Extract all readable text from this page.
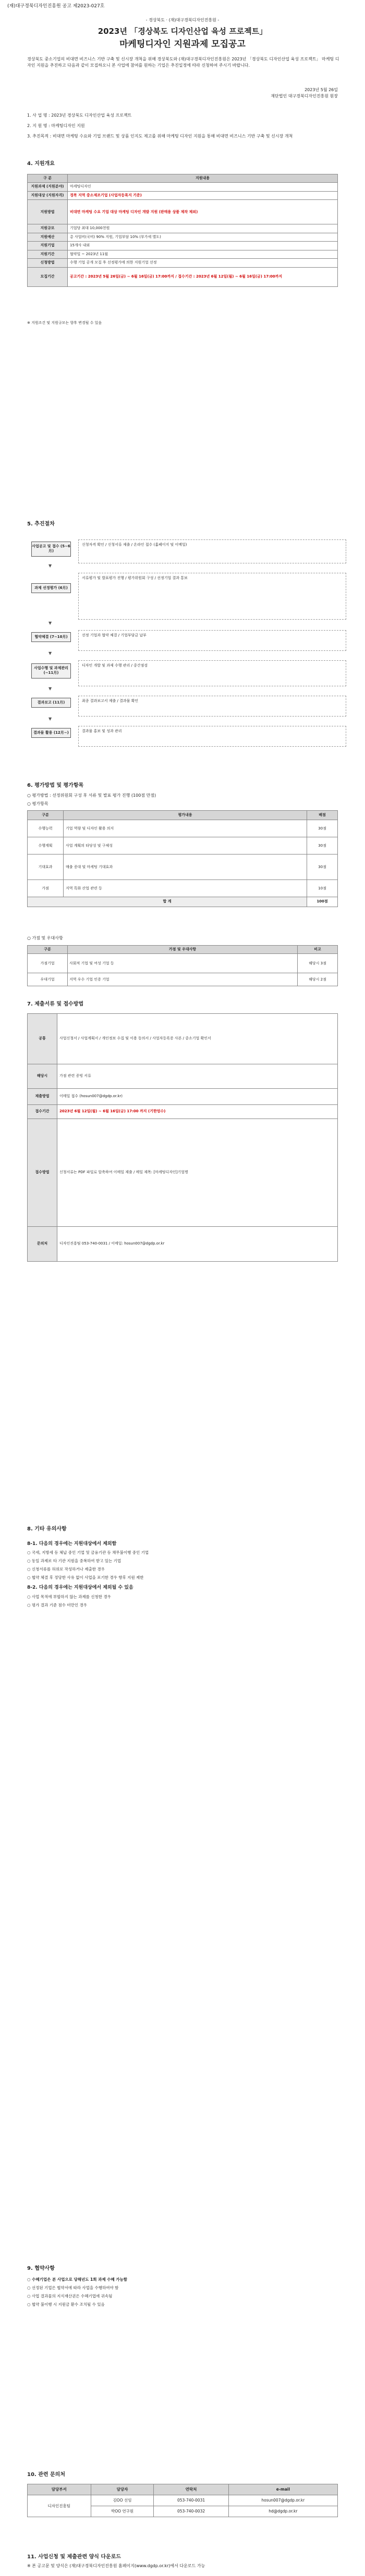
(재)대구경북디자인진흥원 공고 제2023-027호
- 경상북도 · (재)대구경북디자인진흥원 -
2023년 「경상북도 디자인산업 육성 프로젝트」
마케팅디자인 지원과제 모집공고
경상북도 중소기업의 비대면 비즈니스 기반 구축 및 신시장 개척을 위해 경상북도와 (재)대구경북디자인진흥원은 2023년 「경상북도 디자인산업 육성 프로젝트」 마케팅 디자인 지원을 추진하고 다음과 같이 모집하오니 본 사업에 참여를 원하는 기업은 추진일정에 따라 신청하여 주시기 바랍니다.
2023년 5월 26일
재단법인 대구경북디자인진흥원 원장
1. 사 업 명 : 2023년 경상북도 디자인산업 육성 프로젝트
2. 지 원 명 : 마케팅디자인 지원
3. 추진목적 : 비대면 마케팅 수요와 기업 브랜드 및 상품 인지도 제고를 위해 마케팅 디자인 지원을 통해 비대면 비즈니스 기반 구축 및 신시장 개척
4. 지원개요
구 분	지원내용
지원과제 (지원분야)	마케팅디자인
지원대상 (지원자격)	경북 지역 중소제조기업 (사업자등록지 기준)
지원방법	비대면 마케팅 수요 기업 대상 마케팅 디자인 개발 지원 (판매용 상품 제작 제외)
지원규모	기업당 최대 10,000천원
지원예산	총 사업비(국비) 90% 지원, 기업부담 10% (부가세 별도)
지원기업	15개사 내외
지원기간	협약일 ~ 2023년 11월
신청방법	수행 기업 공개 모집 후 선정평가에 의한 지원기업 선정
모집기간	공고기간 : 2023년 5월 26일(금) ~ 6월 16일(금) 17:00까지 / 접수기간 : 2023년 6월 12일(월) ~ 6월 16일(금) 17:00까지
※ 지원조건 및 지원규모는 향후 변경될 수 있음
5. 추진절차
사업공고 및 접수 (5~6月)
신청자격 확인 / 신청서류 제출 / 온라인 접수 (홈페이지 및 이메일)
▼
과제 선정평가 (6月)
서류평가 및 발표평가 진행 / 평가위원회 구성 / 선정기업 결과 통보
▼
협약체결 (7~10月)	선정 기업과 협약 체결 / 기업부담금 납부
▼
사업수행 및 과제관리 (~11月)
디자인 개발 및 과제 수행 관리 / 중간점검
▼
결과보고 (11月)	최종 결과보고서 제출 / 결과물 확인
▼
결과물 활용 (12月~)	결과물 홍보 및 성과 관리
6. 평가방법 및 평가항목
○ 평가방법 : 선정위원회 구성 후 서류 및 발표 평가 진행 (100점 만점)
○ 평가항목
구분	평가내용	배점
수행능력	기업 역량 및 디자인 활용 의지	30점
수행계획	사업 계획의 타당성 및 구체성	30점
기대효과	매출 증대 및 마케팅 기대효과	30점
가점	지역 특화 산업 관련 등	10점
합 계		100점
○ 가점 및 우대사항
구분	가점 및 우대사항	비고
가점기업	사회적 기업 및 여성 기업 등	해당시 3점
우대기업	지역 우수 기업 인증 기업	해당시 2점
7. 제출서류 및 접수방법
공통	사업신청서 / 사업계획서 / 개인정보 수집 및 이용 동의서 / 사업자등록증 사본 / 중소기업 확인서
해당시	가점 관련 증빙 서류
제출방법	이메일 접수 (hosun007@dgdp.or.kr)
접수기간	2023년 6월 12일(월) ~ 6월 16일(금) 17:00 까지 (기한엄수)
접수방법	신청서류는 PDF 파일로 압축하여 이메일 제출 / 메일 제목: [마케팅디자인]기업명
문의처	디자인진흥팀 053-740-0031 / 이메일: hosun007@dgdp.or.kr
8. 기타 유의사항

8-1. 다음의 경우에는 지원대상에서 제외함

○ 국세, 지방세 등 체납 중인 기업 및 금융기관 등 채무불이행 중인 기업

○ 동일 과제로 타 기관 지원을 중복하여 받고 있는 기업

○ 신청서류를 허위로 작성하거나 제출한 경우

○ 협약 체결 후 정당한 사유 없이 사업을 포기한 경우 향후 지원 제한

8-2. 다음의 경우에는 지원대상에서 제외될 수 있음

○ 사업 목적에 부합하지 않는 과제를 신청한 경우

○ 평가 결과 기준 점수 미만인 경우

9. 협약사항

○ 수혜기업은 본 사업으로 당해년도 1회 과제 수혜 가능함

○ 선정된 기업은 협약서에 따라 사업을 수행하여야 함

○ 사업 결과물의 지식재산권은 수혜기업에 귀속됨

○ 협약 불이행 시 지원금 환수 조치될 수 있음

10. 관련 문의처
담당부서	담당자	연락처	e-mail
디자인진흥팀	김OO 선임	053-740-0031	hosun007@dgdp.or.kr
	박OO 연구원	053-740-0032	hd@dgdp.or.kr
11. 사업신청 및 제출관련 양식 다운로드
※ 본 공고문 및 양식은 (재)대구경북디자인진흥원 홈페이지(www.dgdp.or.kr)에서 다운로드 가능
